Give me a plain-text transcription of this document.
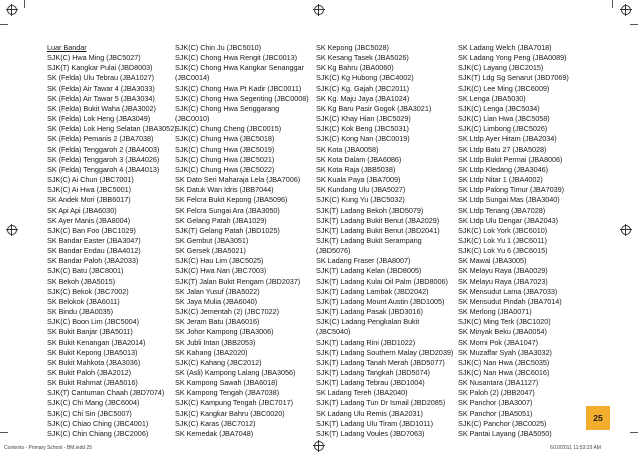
Luar Bandar
SJK(C) Hwa Ming (JBC5027)
SJK(T) Kangkar Pulai (JBD8003)
SK (Felda) Ulu Tebrau (JBA1027)
SK (Felda) Air Tawar 4 (JBA3033)
SK (Felda) Air Tawar 5 (JBA3034)
SK (Felda) Bukit Waha (JBA3002)
SK (Felda) Lok Heng (JBA3049)
SK (Felda) Lok Heng Selatan (JBA3052)
SK (Felda) Pemanis 2 (JBA7038)
SK (Felda) Tenggaroh 2 (JBA4003)
SK (Felda) Tenggaroh 3 (JBA4026)
SK (Felda) Tenggaroh 4 (JBA4013)
SJK(C) Ai Chun (JBC7001)
SJK(C) Ai Hwa (JBC5001)
SK Andek Mori (JBB6017)
SK Api Api (JBA6030)
SK Ayer Manis (JBA8004)
SJK(C) Ban Foo (JBC1029)
SK Bandar Easter (JBA3047)
SK Bandar Endau (JBA4012)
SK Bandar Paloh (JBA2033)
SJK(C) Batu (JBC8001)
SK Bekoh (JBA5015)
SJK(C) Bekok (JBC7002)
SK Belokok (JBA6011)
SK Bindu (JBA0035)
SJK(C) Boon Lim (JBC5004)
SK Bukit Banjar (JBA5011)
SK Bukit Kenangan (JBA2014)
SK Bukit Kepong (JBA5013)
SK Bukit Mahkota (JBA3036)
SK Bukit Paloh (JBA2012)
SK Bukit Rahmat (JBA5016)
SJK(T) Cantuman Chaah (JBD7074)
SJK(C) Chi Mang (JBC6004)
SJK(C) Chi Sin (JBC5007)
SJK(C) Chiao Ching (JBC4001)
SJK(C) Chin Chiang (JBC2006)
SJK(C) Chin Ju (JBC5010)
SJK(C) Chong Hwa Rengit (JBC0013)
SJK(C) Chong Hwa Kangkar Senanggar
(JBC0014)
SJK(C) Chong Hwa Pt Kadir (JBC0011)
SJK(C) Chong Hwa Segenting (JBC0008)
SJK(C) Chong Hwa Senggarang
(JBC0010)
SJK(C) Chung Cheng (JBC0015)
SJK(C) Chung Hwa (JBC5018)
SJK(C) Chung Hwa (JBC5019)
SJK(C) Chung Hwa (JBC5021)
SJK(C) Chung Hwa (JBC5022)
SK Dato Seri Maharaja Lela (JBA7006)
SK Datuk Wan Idris (JBB7044)
SK Felcra Bukit Kepong (JBA5096)
SK Felcra Sungai Ara (JBA3050)
SK Gelang Patah (JBA1029)
SJK(T) Gelang Patah (JBD1025)
SK Gembut (JBA3051)
SK Gersek (JBA5021)
SJK(C) Hau Lim (JBC5025)
SJK(C) Hwa Nan (JBC7003)
SJK(T) Jalan Bukit Rengam (JBD2037)
SK Jalan Yusuf (JBA5022)
SK Jaya Mulia (JBA6040)
SJK(C) Jementah (2) (JBC7022)
SK Jeram Batu (JBA6016)
SK Johor Kampong (JBA3006)
SK Jubli Intan (JBB2053)
SK Kahang (JBA2020)
SJK(C) Kahang (JBC2012)
SK (Asli) Kampong Lalang (JBA3056)
SK Kampong Sawah (JBA6018)
SK Kampong Tengah (JBA7038)
SJK(C) Kampung Tengah (JBC7017)
SJK(C) Kangkar Bahru (JBC0020)
SJK(C) Karas (JBC7012)
SK Kemedak (JBA7048)
SK Kepong (JBC5028)
SK Kesang Tasek (JBA5026)
SK Kg Bahru (JBA0060)
SJK(C) Kg Hubong (JBC4002)
SJK(C) Kg. Gajah (JBC2011)
SK Kg. Maju Jaya (JBA1024)
SK Kg Baru Pasir Gogok (JBA3021)
SJK(C) Khay Hian (JBC5029)
SJK(C) Kok Beng (JBC5031)
SJK(C) Kong Nan (JBC0019)
SK Kota (JBA0058)
SK Kota Dalam (JBA6086)
SK Kota Raja (JBB5038)
SK Kuala Paya (JBA7009)
SK Kundang Ulu (JBA5027)
SJK(C) Kung Yu (JBC5032)
SJK(T) Ladang Bekoh (JBD5079)
SJK(T) Ladang Bukit Benut (JBA2029)
SJK(T) Ladang Bukit Benut (JBD2041)
SJK(T) Ladang Bukit Serampang
(JBD5076)
SK Ladang Fraser (JBA8007)
SJK(T) Ladang Kelan (JBD8005)
SJK(T) Ladang Kulai Oil Palm (JBD8006)
SJK(T) Ladang Lambak (JBD2042)
SJK(T) Ladang Mount Austin (JBD1005)
SJK(T) Ladang Pasak (JBD3016)
SJK(C) Ladang Pengkalan Bukit
(JBC5040)
SJK(T) Ladang Rini (JBD1022)
SJK(T) Ladang Southern Malay (JBD2039)
SJK(T) Ladang Tanah Merah (JBD5077)
SJK(T) Ladang Tangkah (JBD5074)
SJK(T) Ladang Tebrau (JBD1004)
SK Ladang Tereh (JBA2040)
SJK(T) Ladang Tun Dr Ismail (JBD2085)
SK Ladang Ulu Remis (JBA2031)
SJK(T) Ladang Ulu Tiram (JBD1011)
SJK(T) Ladang Voules (JBD7063)
SK Ladang Welch (JBA7018)
SK Ladang Yong Peng (JBA0089)
SJK(C) Layang (JBC2015)
SJK(T) Ldg Sg Senarut (JBD7069)
SJK(C) Lee Ming (JBC6009)
SK Lenga (JBA5030)
SJK(C) Lenga (JBC5034)
SJK(C) Lian Hwa (JBC5058)
SJK(C) Limbong (JBC5026)
SK Ltdp Ayer Hitam (JBA2034)
SK Ltdp Batu 27 (JBA5028)
SK Ltdp Bukit Permai (JBA8006)
SK Ltdp Kledang (JBA3046)
SK Ltdp Nitar 1 (JBA4002)
SK Ltdp Palong Timur (JBA7039)
SK Ltdp Sungai Mas (JBA3040)
SK Ltdp Tenang (JBA7028)
SK Ltdp Ulu Dengar (JBA2043)
SJK(C) Lok York (JBC6010)
SJK(C) Lok Yu 1 (JBC6011)
SJK(C) Lok Yu 6 (JBC6015)
SK Mawai (JBA3005)
SK Melayu Raya (JBA0029)
SK Melayu Raya (JBA7023)
SK Mensudut Lama (JBA7033)
SK Mensudut Pindah (JBA7014)
SK Merlong (JBA0071)
SJK(C) Ming Terk (JBC1020)
SK Minyak Beku (JBA0054)
SK Morni Pok (JBA1047)
SK Muzaffar Syah (JBA3032)
SJK(C) Nan Hwa (JBC5035)
SJK(C) Nan Hwa (JBC6016)
SK Nusantara (JBA1127)
SK Paloh (2) (JBB2047)
SK Panchor (JBA3007)
SK Panchor (JBA5051)
SJK(C) Panchor (JBC0025)
SK Pantai Layang (JBA5050)
25
Contents - Primary School - BM.indd 25	6/10/2011 11:53:29 AM
